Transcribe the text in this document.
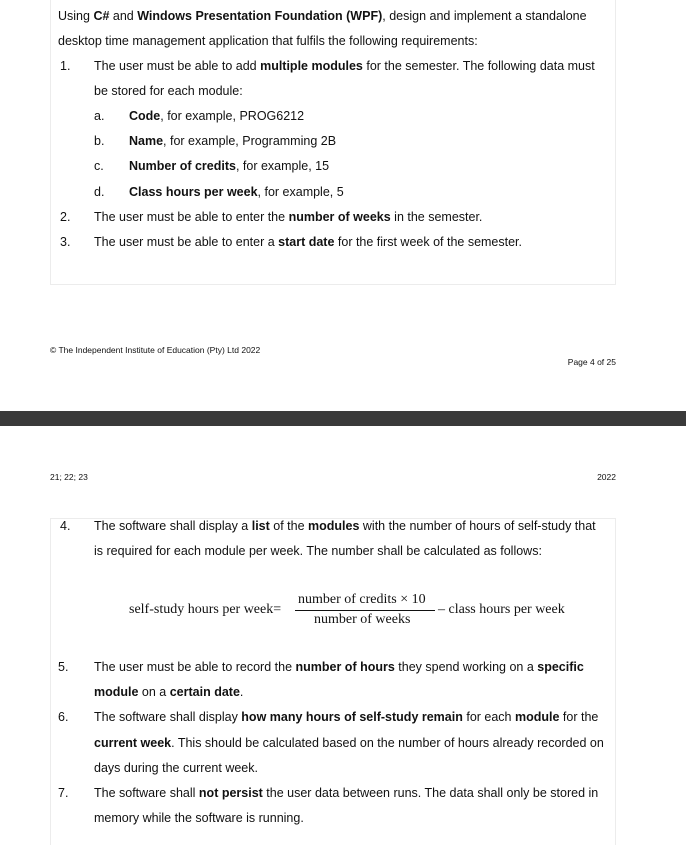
Using C# and Windows Presentation Foundation (WPF), design and implement a standalone
desktop time management application that fulfils the following requirements:
1. The user must be able to add multiple modules for the semester. The following data must
be stored for each module:
a. Code, for example, PROG6212
b. Name, for example, Programming 2B
c. Number of credits, for example, 15
d. Class hours per week, for example, 5
2. The user must be able to enter the number of weeks in the semester.
3. The user must be able to enter a start date for the first week of the semester.
© The Independent Institute of Education (Pty) Ltd 2022
Page 4 of 25
21; 22; 23	2022
4. The software shall display a list of the modules with the number of hours of self-study that
is required for each module per week. The number shall be calculated as follows:
self-study hours per week=
number of credits × 10
number of weeks
– class hours per week
5. The user must be able to record the number of hours they spend working on a specific
module on a certain date.
6. The software shall display how many hours of self-study remain for each module for the
current week. This should be calculated based on the number of hours already recorded on
days during the current week.
7. The software shall not persist the user data between runs. The data shall only be stored in
memory while the software is running.
